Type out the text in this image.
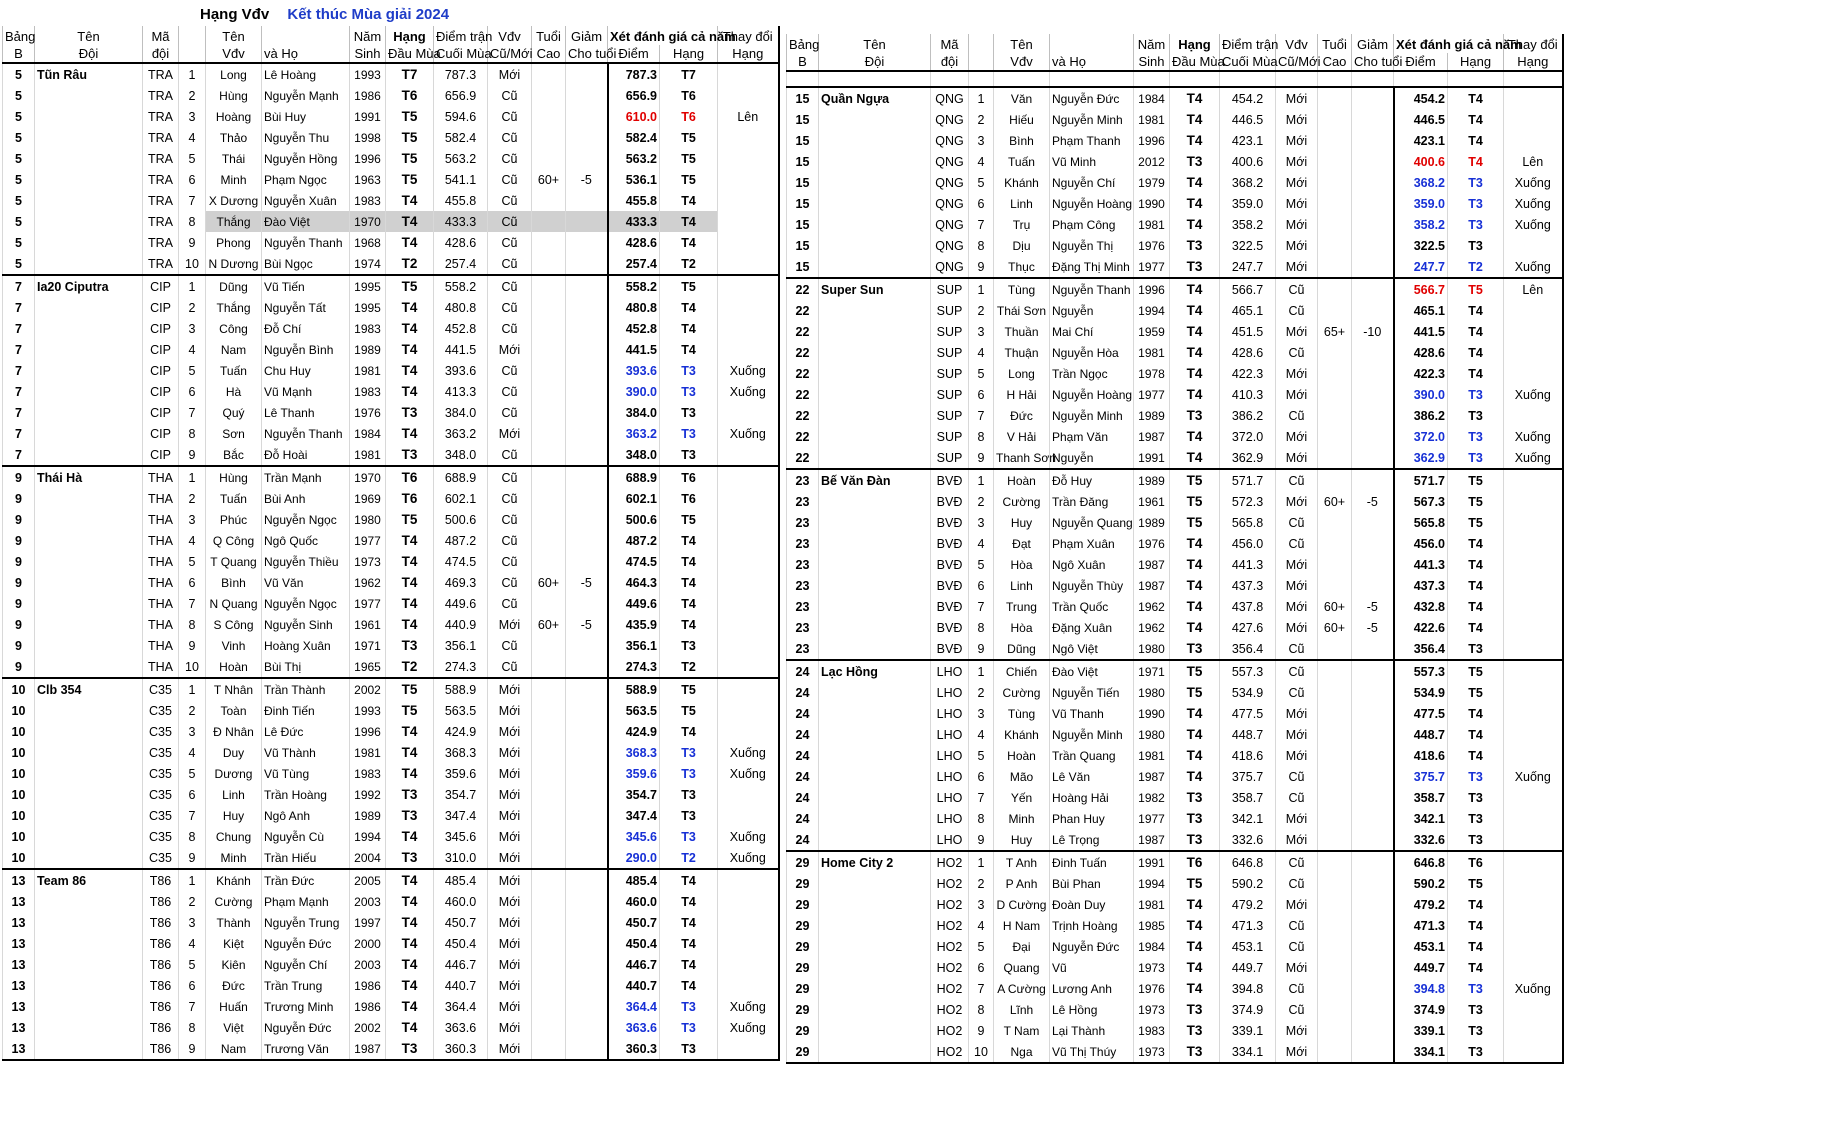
Hạng Vđv Kết thúc Mùa giải 2024
Bảng	Tên	Mã		Tên		Năm	Hạng	Điểm trận	Vđv	Tuổi	Giảm	Xét đánh giá cả năm		Thay đổi
B	Đội	đội		Vđv	và Họ	Sinh	Đầu Mùa	Cuối Mùa	Cũ/Mới	Cao	Cho tuổi	Điểm	Hạng	Hạng
5	Tũn Râu	TRA	1	Long	Lê Hoàng	1993	T7	787.3	Mới			787.3	T7	
5		TRA	2	Hùng	Nguyễn Mạnh	1986	T6	656.9	Cũ			656.9	T6	
5		TRA	3	Hoàng	Bùi Huy	1991	T5	594.6	Cũ			610.0	T6	Lên
5		TRA	4	Thảo	Nguyễn Thu	1998	T5	582.4	Cũ			582.4	T5	
5		TRA	5	Thái	Nguyễn Hồng	1996	T5	563.2	Cũ			563.2	T5	
5		TRA	6	Minh	Phạm Ngọc	1963	T5	541.1	Cũ	60+	-5	536.1	T5	
5		TRA	7	X Dương	Nguyễn Xuân	1983	T4	455.8	Cũ			455.8	T4	
5		TRA	8	Thắng	Đào Việt	1970	T4	433.3	Cũ			433.3	T4	
5		TRA	9	Phong	Nguyễn Thanh	1968	T4	428.6	Cũ			428.6	T4	
5		TRA	10	N Dương	Bùi Ngọc	1974	T2	257.4	Cũ			257.4	T2	
7	Ia20 Ciputra	CIP	1	Dũng	Vũ Tiến	1995	T5	558.2	Cũ			558.2	T5	
7		CIP	2	Thắng	Nguyễn Tất	1995	T4	480.8	Cũ			480.8	T4	
7		CIP	3	Công	Đỗ Chí	1983	T4	452.8	Cũ			452.8	T4	
7		CIP	4	Nam	Nguyễn Bình	1989	T4	441.5	Mới			441.5	T4	
7		CIP	5	Tuấn	Chu Huy	1981	T4	393.6	Cũ			393.6	T3	Xuống
7		CIP	6	Hà	Vũ Mạnh	1983	T4	413.3	Cũ			390.0	T3	Xuống
7		CIP	7	Quý	Lê Thanh	1976	T3	384.0	Cũ			384.0	T3	
7		CIP	8	Sơn	Nguyễn Thanh	1984	T4	363.2	Mới			363.2	T3	Xuống
7		CIP	9	Bắc	Đỗ Hoài	1981	T3	348.0	Cũ			348.0	T3	
9	Thái Hà	THA	1	Hùng	Trần Mạnh	1970	T6	688.9	Cũ			688.9	T6	
9		THA	2	Tuấn	Bùi Anh	1969	T6	602.1	Cũ			602.1	T6	
9		THA	3	Phúc	Nguyễn Ngọc	1980	T5	500.6	Cũ			500.6	T5	
9		THA	4	Q Công	Ngô Quốc	1977	T4	487.2	Cũ			487.2	T4	
9		THA	5	T Quang	Nguyễn Thiều	1973	T4	474.5	Cũ			474.5	T4	
9		THA	6	Bình	Vũ Văn	1962	T4	469.3	Cũ	60+	-5	464.3	T4	
9		THA	7	N Quang	Nguyễn Ngọc	1977	T4	449.6	Cũ			449.6	T4	
9		THA	8	S Công	Nguyễn Sinh	1961	T4	440.9	Mới	60+	-5	435.9	T4	
9		THA	9	Vinh	Hoàng Xuân	1971	T3	356.1	Cũ			356.1	T3	
9		THA	10	Hoàn	Bùi Thị	1965	T2	274.3	Cũ			274.3	T2	
10	Clb 354	C35	1	T Nhân	Trần Thành	2002	T5	588.9	Mới			588.9	T5	
10		C35	2	Toàn	Đinh Tiến	1993	T5	563.5	Mới			563.5	T5	
10		C35	3	Đ Nhân	Lê Đức	1996	T4	424.9	Mới			424.9	T4	
10		C35	4	Duy	Vũ Thành	1981	T4	368.3	Mới			368.3	T3	Xuống
10		C35	5	Dương	Vũ Tùng	1983	T4	359.6	Mới			359.6	T3	Xuống
10		C35	6	Linh	Trần Hoàng	1992	T3	354.7	Mới			354.7	T3	
10		C35	7	Huy	Ngô Anh	1989	T3	347.4	Mới			347.4	T3	
10		C35	8	Chung	Nguyễn Cù	1994	T4	345.6	Mới			345.6	T3	Xuống
10		C35	9	Minh	Trần Hiếu	2004	T3	310.0	Mới			290.0	T2	Xuống
13	Team 86	T86	1	Khánh	Trần Đức	2005	T4	485.4	Mới			485.4	T4	
13		T86	2	Cường	Phạm Mạnh	2003	T4	460.0	Mới			460.0	T4	
13		T86	3	Thành	Nguyễn Trung	1997	T4	450.7	Mới			450.7	T4	
13		T86	4	Kiệt	Nguyễn Đức	2000	T4	450.4	Mới			450.4	T4	
13		T86	5	Kiên	Nguyễn Chí	2003	T4	446.7	Mới			446.7	T4	
13		T86	6	Đức	Trần Trung	1986	T4	440.7	Mới			440.7	T4	
13		T86	7	Huấn	Trương Minh	1986	T4	364.4	Mới			364.4	T3	Xuống
13		T86	8	Việt	Nguyễn Đức	2002	T4	363.6	Mới			363.6	T3	Xuống
13		T86	9	Nam	Trương Văn	1987	T3	360.3	Mới			360.3	T3	
Bảng	Tên	Mã		Tên		Năm	Hạng	Điểm trận	Vđv	Tuổi	Giảm	Xét đánh giá cả năm		Thay đổi
B	Đội	đội		Vđv	và Họ	Sinh	Đầu Mùa	Cuối Mùa	Cũ/Mới	Cao	Cho tuổi	Điểm	Hạng	Hạng

15	Quần Ngựa	QNG	1	Văn	Nguyễn Đức	1984	T4	454.2	Mới			454.2	T4	
15		QNG	2	Hiếu	Nguyễn Minh	1981	T4	446.5	Mới			446.5	T4	
15		QNG	3	Bình	Phạm Thanh	1996	T4	423.1	Mới			423.1	T4	
15		QNG	4	Tuấn	Vũ Minh	2012	T3	400.6	Mới			400.6	T4	Lên
15		QNG	5	Khánh	Nguyễn Chí	1979	T4	368.2	Mới			368.2	T3	Xuống
15		QNG	6	Linh	Nguyễn Hoàng	1990	T4	359.0	Mới			359.0	T3	Xuống
15		QNG	7	Trụ	Phạm Công	1981	T4	358.2	Mới			358.2	T3	Xuống
15		QNG	8	Dịu	Nguyễn Thị	1976	T3	322.5	Mới			322.5	T3	
15		QNG	9	Thục	Đặng Thị Minh	1977	T3	247.7	Mới			247.7	T2	Xuống
22	Super Sun	SUP	1	Tùng	Nguyễn Thanh	1996	T4	566.7	Cũ			566.7	T5	Lên
22		SUP	2	Thái Sơn	Nguyễn	1994	T4	465.1	Cũ			465.1	T4	
22		SUP	3	Thuần	Mai Chí	1959	T4	451.5	Mới	65+	-10	441.5	T4	
22		SUP	4	Thuận	Nguyễn Hòa	1981	T4	428.6	Cũ			428.6	T4	
22		SUP	5	Long	Trần Ngọc	1978	T4	422.3	Mới			422.3	T4	
22		SUP	6	H Hải	Nguyễn Hoàng	1977	T4	410.3	Mới			390.0	T3	Xuống
22		SUP	7	Đức	Nguyễn Minh	1989	T3	386.2	Cũ			386.2	T3	
22		SUP	8	V Hải	Phạm Văn	1987	T4	372.0	Mới			372.0	T3	Xuống
22		SUP	9	Thanh Sơn	Nguyễn	1991	T4	362.9	Mới			362.9	T3	Xuống
23	Bế Văn Đàn	BVĐ	1	Hoàn	Đỗ Huy	1989	T5	571.7	Cũ			571.7	T5	
23		BVĐ	2	Cường	Trần Đăng	1961	T5	572.3	Mới	60+	-5	567.3	T5	
23		BVĐ	3	Huy	Nguyễn Quang	1989	T5	565.8	Cũ			565.8	T5	
23		BVĐ	4	Đạt	Phạm Xuân	1976	T4	456.0	Cũ			456.0	T4	
23		BVĐ	5	Hòa	Ngô Xuân	1987	T4	441.3	Mới			441.3	T4	
23		BVĐ	6	Linh	Nguyễn Thùy	1987	T4	437.3	Mới			437.3	T4	
23		BVĐ	7	Trung	Trần Quốc	1962	T4	437.8	Mới	60+	-5	432.8	T4	
23		BVĐ	8	Hòa	Đặng Xuân	1962	T4	427.6	Mới	60+	-5	422.6	T4	
23		BVĐ	9	Dũng	Ngô Việt	1980	T3	356.4	Cũ			356.4	T3	
24	Lạc Hồng	LHO	1	Chiến	Đào Việt	1971	T5	557.3	Cũ			557.3	T5	
24		LHO	2	Cường	Nguyễn Tiến	1980	T5	534.9	Cũ			534.9	T5	
24		LHO	3	Tùng	Vũ Thanh	1990	T4	477.5	Mới			477.5	T4	
24		LHO	4	Khánh	Nguyễn Minh	1980	T4	448.7	Mới			448.7	T4	
24		LHO	5	Hoàn	Trần Quang	1981	T4	418.6	Mới			418.6	T4	
24		LHO	6	Mão	Lê Văn	1987	T4	375.7	Cũ			375.7	T3	Xuống
24		LHO	7	Yến	Hoàng Hải	1982	T3	358.7	Cũ			358.7	T3	
24		LHO	8	Minh	Phan Huy	1977	T3	342.1	Mới			342.1	T3	
24		LHO	9	Huy	Lê Trọng	1987	T3	332.6	Mới			332.6	T3	
29	Home City 2	HO2	1	T Anh	Đinh Tuấn	1991	T6	646.8	Cũ			646.8	T6	
29		HO2	2	P Anh	Bùi Phan	1994	T5	590.2	Cũ			590.2	T5	
29		HO2	3	D Cường	Đoàn Duy	1981	T4	479.2	Mới			479.2	T4	
29		HO2	4	H Nam	Trịnh Hoàng	1985	T4	471.3	Cũ			471.3	T4	
29		HO2	5	Đại	Nguyễn Đức	1984	T4	453.1	Cũ			453.1	T4	
29		HO2	6	Quang	Vũ	1973	T4	449.7	Mới			449.7	T4	
29		HO2	7	A Cường	Lương Anh	1976	T4	394.8	Cũ			394.8	T3	Xuống
29		HO2	8	Lĩnh	Lê Hồng	1973	T3	374.9	Cũ			374.9	T3	
29		HO2	9	T Nam	Lại Thành	1983	T3	339.1	Mới			339.1	T3	
29		HO2	10	Nga	Vũ Thị Thúy	1973	T3	334.1	Mới			334.1	T3	
